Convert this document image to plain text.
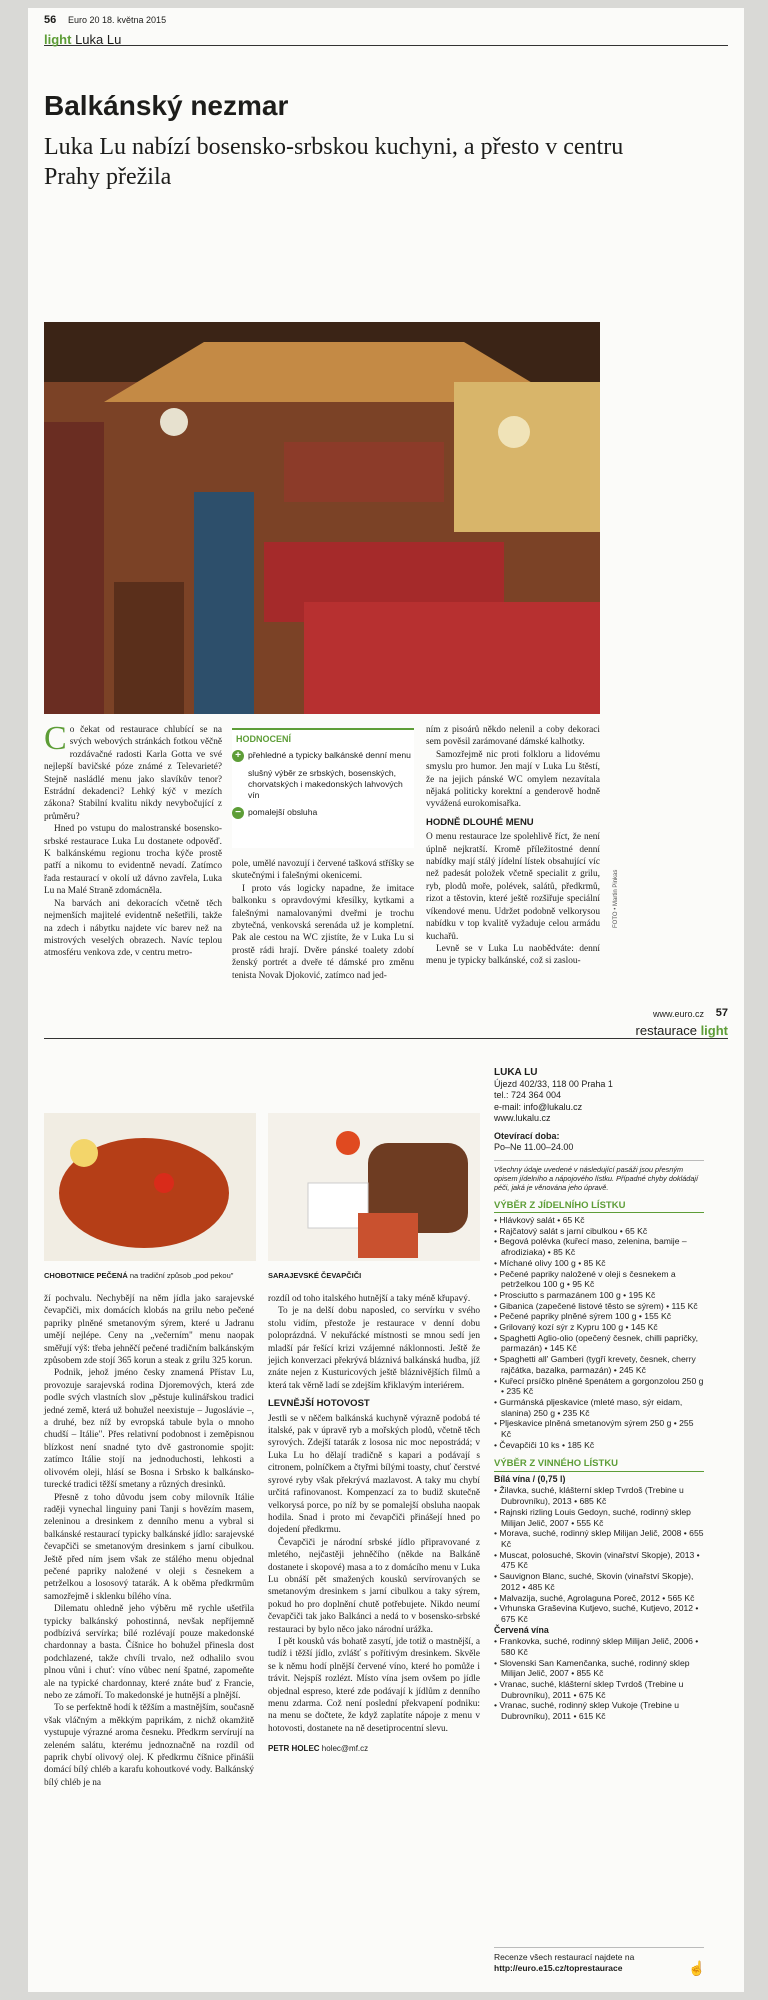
56 Euro 20 18. května 2015
light Luka Lu
Balkánský nezmar
Luka Lu nabízí bosensko-srbskou kuchyni, a přesto v centru Prahy přežila
FOTO • Martin Pinkas

Co čekat od restaurace chlubící se na svých webových stránkách fotkou věčně rozdávačné radosti Karla Gotta ve své nejlepší bavičské póze známé z Televarieté? Stejně nasládlé menu jako slavíkův tenor? Estrádní dekadenci? Lehký kýč v mezích zákona? Stabilní kvalitu nikdy nevybočující z průměru?

Hned po vstupu do malostranské bosensko-srbské restaurace Luka Lu dostanete odpověď. K balkánskému regionu trocha kýče prostě patří a nikomu to evidentně nevadí. Zatímco řada restaurací v okolí už dávno zavřela, Luka Lu na Malé Straně zdomácněla.

Na barvách ani dekoracích včetně těch nejmenších majitelé evidentně nešetřili, takže na zdech i nábytku najdete víc barev než na mistrových veselých obrazech. Navíc teplou atmosféru venkova zde, v centru metro-

HODNOCENÍ
+ přehledné a typicky balkánské denní menu
slušný výběr ze srbských, bosenských, chorvatských i makedonských lahvových vín
− pomalejší obsluha

pole, umělé navozují i červené tašková stříšky se skutečnými i falešnými okenicemi.

I proto vás logicky napadne, že imitace balkonku s opravdovými křesílky, kytkami a falešnými namalovanými dveřmi je trochu zbytečná, venkovská serenáda už je kompletní. Pak ale cestou na WC zjistíte, že v Luka Lu si prostě rádi hrají. Dvěre pánské toalety zdobí ženský portrét a dveře té dámské pro změnu tenista Novak Djoković, zatímco nad jed-

ním z pisoárů někdo nelenil a coby dekoraci sem pověsil zarámované dámské kalhotky.

Samozřejmě nic proti folkloru a lidovému smyslu pro humor. Jen mají v Luka Lu štěstí, že na jejich pánské WC omylem nezavítala nějaká politicky korektní a genderově hodně vyvážená eurokomisařka.

HODNĚ DLOUHÉ MENU

O menu restaurace lze spolehlivě říct, že není úplně nejkratší. Kromě příležitostné denní nabídky mají stálý jídelní lístek obsahující víc než padesát položek včetně specialit z grilu, ryb, plodů moře, polévek, salátů, předkrmů, rizot a těstovin, které ještě rozšiřuje speciální víkendové menu. Udržet podobně velkorysou nabídku v top kvalitě vyžaduje celou armádu kuchařů.

Levně se v Luka Lu naobědváte: denní menu je typicky balkánské, což si zaslou-

www.euro.cz 57
restaurace light
CHOBOTNICE PEČENÁ na tradiční způsob „pod pekou"	SARAJEVSKÉ ČEVAPČIČI
LUKA LU
Újezd 402/33, 118 00 Praha 1
tel.: 724 364 004
e-mail: info@lukalu.cz
www.lukalu.cz
Otevírací doba:
Po–Ne 11.00–24.00
Všechny údaje uvedené v následující pasáži jsou přesným opisem jídelního a nápojového lístku. Případné chyby dokládají péči, jaká je věnována jeho úpravě.
VÝBĚR Z JÍDELNÍHO LÍSTKU
• Hlávkový salát • 65 Kč
• Rajčatový salát s jarní cibulkou • 65 Kč
• Begová polévka (kuřecí maso, zelenina, bamije – afrodiziaka) • 85 Kč
• Míchané olivy 100 g • 85 Kč
• Pečené papriky naložené v oleji s česnekem a petrželkou 100 g • 95 Kč
• Prosciutto s parmazánem 100 g • 195 Kč
• Gibanica (zapečené listové těsto se sýrem) • 115 Kč
• Pečené papriky plněné sýrem 100 g • 155 Kč
• Grilovaný kozí sýr z Kypru 100 g • 145 Kč
• Spaghetti Aglio-olio (opečený česnek, chilli papričky, parmazán) • 145 Kč
• Spaghetti all' Gamberi (tygří krevety, česnek, cherry rajčátka, bazalka, parmazán) • 245 Kč
• Kuřecí prsíčko plněné špenátem a gorgonzolou 250 g • 235 Kč
• Gurmánská pljeskavice (mleté maso, sýr eidam, slanina) 250 g • 235 Kč
• Pljeskavice plněná smetanovým sýrem 250 g • 255 Kč
• Čevapčiči 10 ks • 185 Kč
VÝBĚR Z VINNÉHO LÍSTKU
Bílá vína / (0,75 l)
• Žilavka, suché, klášterní sklep Tvrdoš (Trebine u Dubrovníku), 2013 • 685 Kč
• Rajnski rizling Louis Gedoyn, suché, rodinný sklep Milijan Jelič, 2007 • 555 Kč
• Morava, suché, rodinný sklep Milijan Jelič, 2008 • 655 Kč
• Muscat, polosuché, Skovin (vinařství Skopje), 2013 • 475 Kč
• Sauvignon Blanc, suché, Skovin (vinařství Skopje), 2012 • 485 Kč
• Malvazija, suché, Agrolaguna Poreč, 2012 • 565 Kč
• Vrhunska Graševina Kutjevo, suché, Kutjevo, 2012 • 675 Kč
Červená vína
• Frankovka, suché, rodinný sklep Milijan Jelič, 2006 • 580 Kč
• Slovenski San Kamenčanka, suché, rodinný sklep Milijan Jelič, 2007 • 855 Kč
• Vranac, suché, klášterní sklep Tvrdoš (Trebine u Dubrovníku), 2011 • 675 Kč
• Vranac, suché, rodinný sklep Vukoje (Trebine u Dubrovníku), 2011 • 615 Kč

ží pochvalu. Nechybějí na něm jídla jako sarajevské čevapčiči, mix domácích klobás na grilu nebo pečené papriky plněné smetanovým sýrem, které u Jadranu umějí nejlépe. Ceny na „večerním" menu naopak směřují výš: třeba jehněčí pečené tradičním balkánským způsobem zde stojí 365 korun a steak z grilu 325 korun.

Podnik, jehož jméno česky znamená Přístav Lu, provozuje sarajevská rodina Djoremových, která zde podle svých vlastních slov „pěstuje kulinářskou tradici jedné země, která už bohužel neexistuje – Jugoslávie –, a druhé, bez níž by evropská tabule byla o mnoho chudší – Itálie". Přes relativní podobnost i zeměpisnou blízkost není snadné tyto dvě gastronomie spojit: zatímco Itálie stojí na jednoduchosti, lehkosti a olivovém oleji, hlásí se Bosna i Srbsko k balkánsko-turecké tradici těžší smetany a různých dresinků.

Přesně z toho důvodu jsem coby milovník Itálie raději vynechal linguiny pani Tanji s hovězím masem, zeleninou a dresinkem z denního menu a vybral si balkánské restaurací typicky balkánské jídlo: sarajevské čevapčiči se smetanovým dresinkem s jarní cibulkou. Ještě před ním jsem však ze stálého menu objednal pečené papriky naložené v oleji s česnekem a petrželkou a lososový tatarák. A k oběma předkrmům samozřejmě i sklenku bílého vína.

Dilematu ohledně jeho výběru mě rychle ušetřila typicky balkánský pohostinná, nevšak nepříjemně podbízivá servírka; bílé rozlévají pouze makedonské chardonnay a basta. Číšnice ho bohužel přinesla dost podchlazené, takže chvíli trvalo, než odhalilo svou plnou vůni i chuť: víno vůbec není špatné, zapomeňte ale na typické chardonnay, které znáte buď z Francie, nebo ze zámoří. To makedonské je hutnější a plnější.

To se perfektně hodí k těžším a mastnějším, současně však vláčným a měkkým paprikám, z nichž okamžitě vystupuje výrazné aroma česneku. Předkrm servírují na zeleném salátu, kterému jednoznačně na rozdíl od paprik chybí olivový olej. K předkrmu číšnice přinášíi domácí bílý chléb a karafu kohoutkové vody. Balkánský bílý chléb je na

rozdíl od toho italského hutnější a taky méně křupavý.

To je na delší dobu naposled, co servírku v svého stolu vidím, přestože je restaurace v denní dobu poloprázdná. V nekuřácké místnosti se mnou sedí jen mladší pár řešící krizi vzájemné náklonnosti. Ještě že jejich konverzaci překrývá bláznivá balkánská hudba, jíž znáte nejen z Kusturicových ještě bláznivějších filmů a která tak věrně ladí se zdejším křiklavým interiérem.

LEVNĚJŠÍ HOTOVOST

Jestli se v něčem balkánská kuchyně výrazně podobá té italské, pak v úpravě ryb a mořských plodů, včetně těch syrových. Zdejší tatarák z lososa nic moc nepostrádá; v Luka Lu ho dělají tradičně s kapari a podávají s citronem, polníčkem a čtyřmi bílými toasty, chuť čerstvé syrové ryby však překrývá mazlavost. A taky mu chybí určitá rafinovanost. Kompenzací za to budiž skutečně velkorysá porce, po níž by se pomalejší obsluha naopak hodila. Snad i proto mi čevapčiči přinášejí hned po dojedení předkrmu.

Čevapčiči je národní srbské jídlo připravované z mletého, nejčastěji jehněčího (někde na Balkáně dostanete i skopové) masa a to z domácího menu v Luka Lu obnáší pět smažených kousků servírovaných se smetanovým dresinkem s jarní cibulkou a taky sýrem, pokud ho pro doplnění chutě potřebujete. Nikdo neumí čevapčiči tak jako Balkánci a nedá to v bosensko-srbské restauraci by bylo něco jako národní urážka.

I pět kousků vás bohatě zasytí, jde totiž o mastnější, a tudíž i těžší jídlo, zvlášť s pořítivým dresinkem. Skvěle se k němu hodí plnější červené víno, které ho pomůže i trávit. Nejspíš rozlézt. Místo vína jsem ovšem po jídle objednal espreso, které zde podávají k jídlům z denního menu zdarma. Což není poslední překvapení podniku: na menu se dočtete, že když zaplatíte nápoje z menu v hotovosti, dostanete na ně desetiprocentní slevu.

PETR HOLEC holec@mf.cz
Recenze všech restaurací najdete na
http://euro.e15.cz/toprestaurace	☝
